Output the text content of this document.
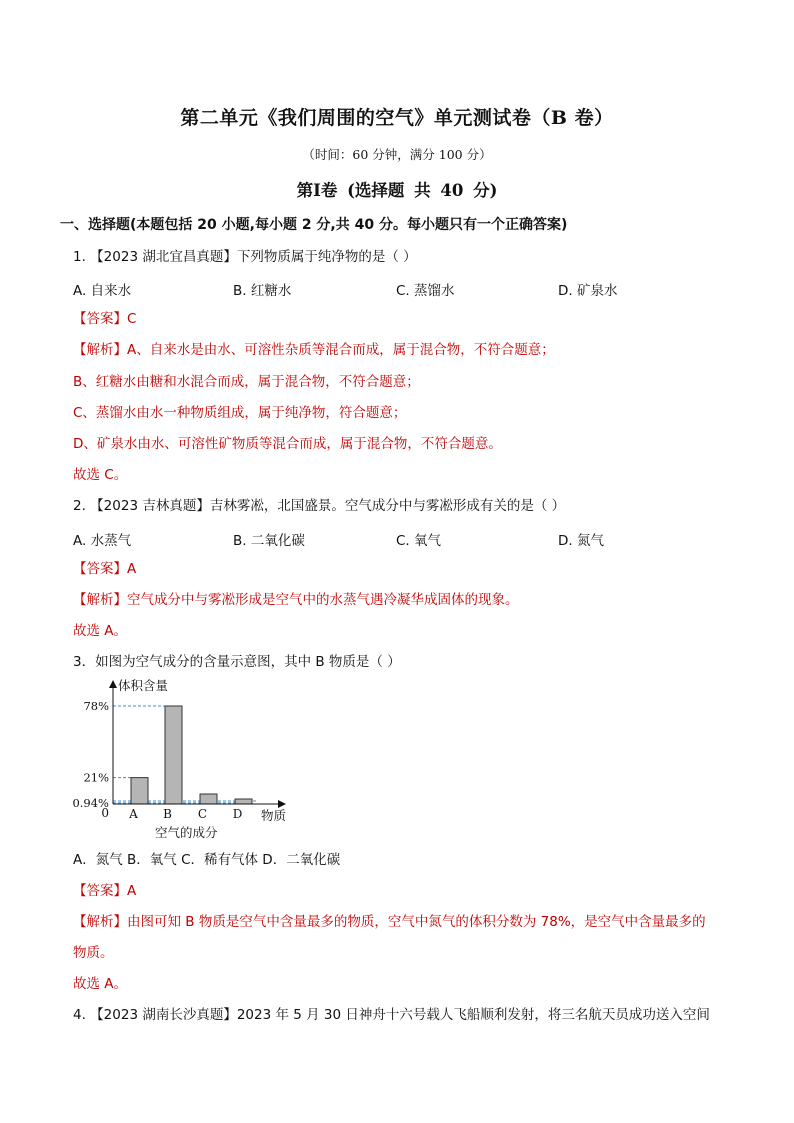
第二单元《我们周围的空气》单元测试卷（B 卷）
（时间：60 分钟，满分 100 分）
第Ⅰ卷 (选择题 共 40 分)
一、选择题(本题包括 20 小题,每小题 2 分,共 40 分。每小题只有一个正确答案)
1. 【2023 湖北宜昌真题】下列物质属于纯净物的是（ ）
A. 自来水	B. 红糖水	C. 蒸馏水	D. 矿泉水
【答案】C
【解析】A、自来水是由水、可溶性杂质等混合而成，属于混合物，不符合题意；
B、红糖水由糖和水混合而成，属于混合物，不符合题意；
C、蒸馏水由水一种物质组成，属于纯净物，符合题意；
D、矿泉水由水、可溶性矿物质等混合而成，属于混合物，不符合题意。
故选 C。
2. 【2023 吉林真题】吉林雾凇，北国盛景。空气成分中与雾凇形成有关的是（ ）
A. 水蒸气	B. 二氧化碳	C. 氧气	D. 氮气
【答案】A
【解析】空气成分中与雾凇形成是空气中的水蒸气遇冷凝华成固体的现象。
故选 A。
3．如图为空气成分的含量示意图，其中 B 物质是（ ）
78%
21%
0.94%
A B C D
0
体积含量
物质
空气的成分
A．氮气 B．氧气 C．稀有气体 D．二氧化碳
【答案】A
【解析】由图可知 B 物质是空气中含量最多的物质，空气中氮气的体积分数为 78%，是空气中含量最多的
物质。
故选 A。
4. 【2023 湖南长沙真题】2023 年 5 月 30 日神舟十六号载人飞船顺利发射，将三名航天员成功送入空间
